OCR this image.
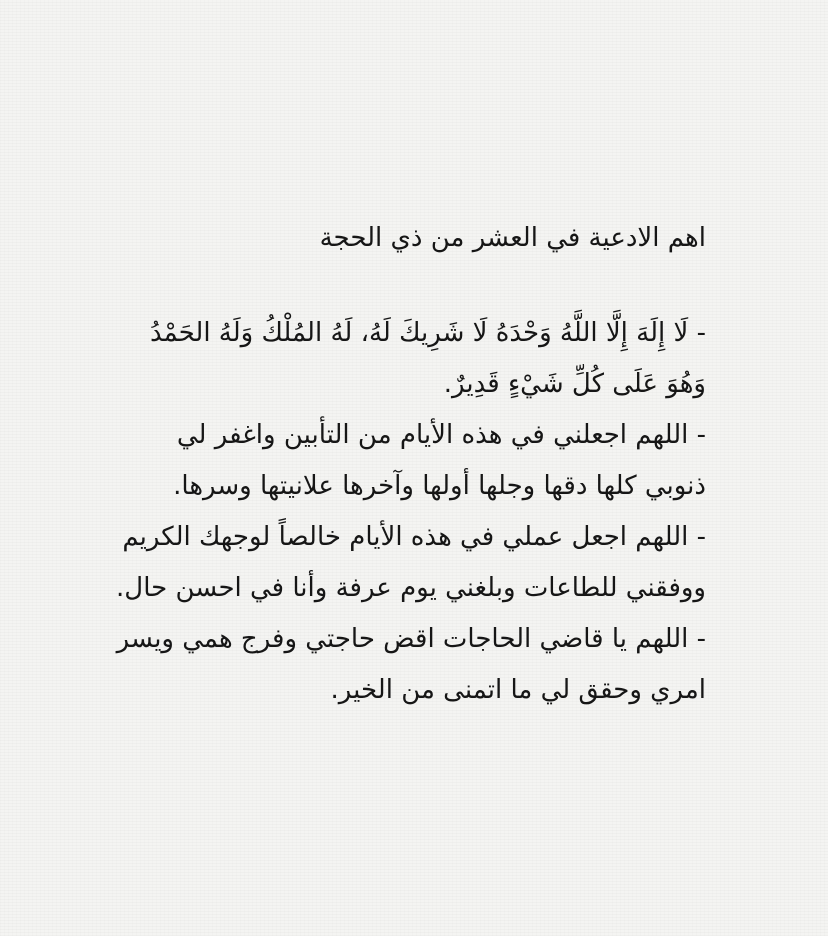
اهم الادعية في العشر من ذي الحجة
- لَا إِلَهَ إِلَّا اللَّهُ وَحْدَهُ لَا شَرِيكَ لَهُ، لَهُ المُلْكُ وَلَهُ الحَمْدُ وَهُوَ عَلَى كُلِّ شَيْءٍ قَدِيرٌ.
- اللهم اجعلني في هذه الأيام من التأبين واغفر لي ذنوبي كلها دقها وجلها أولها وآخرها علانيتها وسرها.
- اللهم اجعل عملي في هذه الأيام خالصاً لوجهك الكريم ووفقني للطاعات وبلغني يوم عرفة وأنا في احسن حال.
- اللهم يا قاضي الحاجات اقض حاجتي وفرج همي ويسر امري وحقق لي ما اتمنى من الخير.
